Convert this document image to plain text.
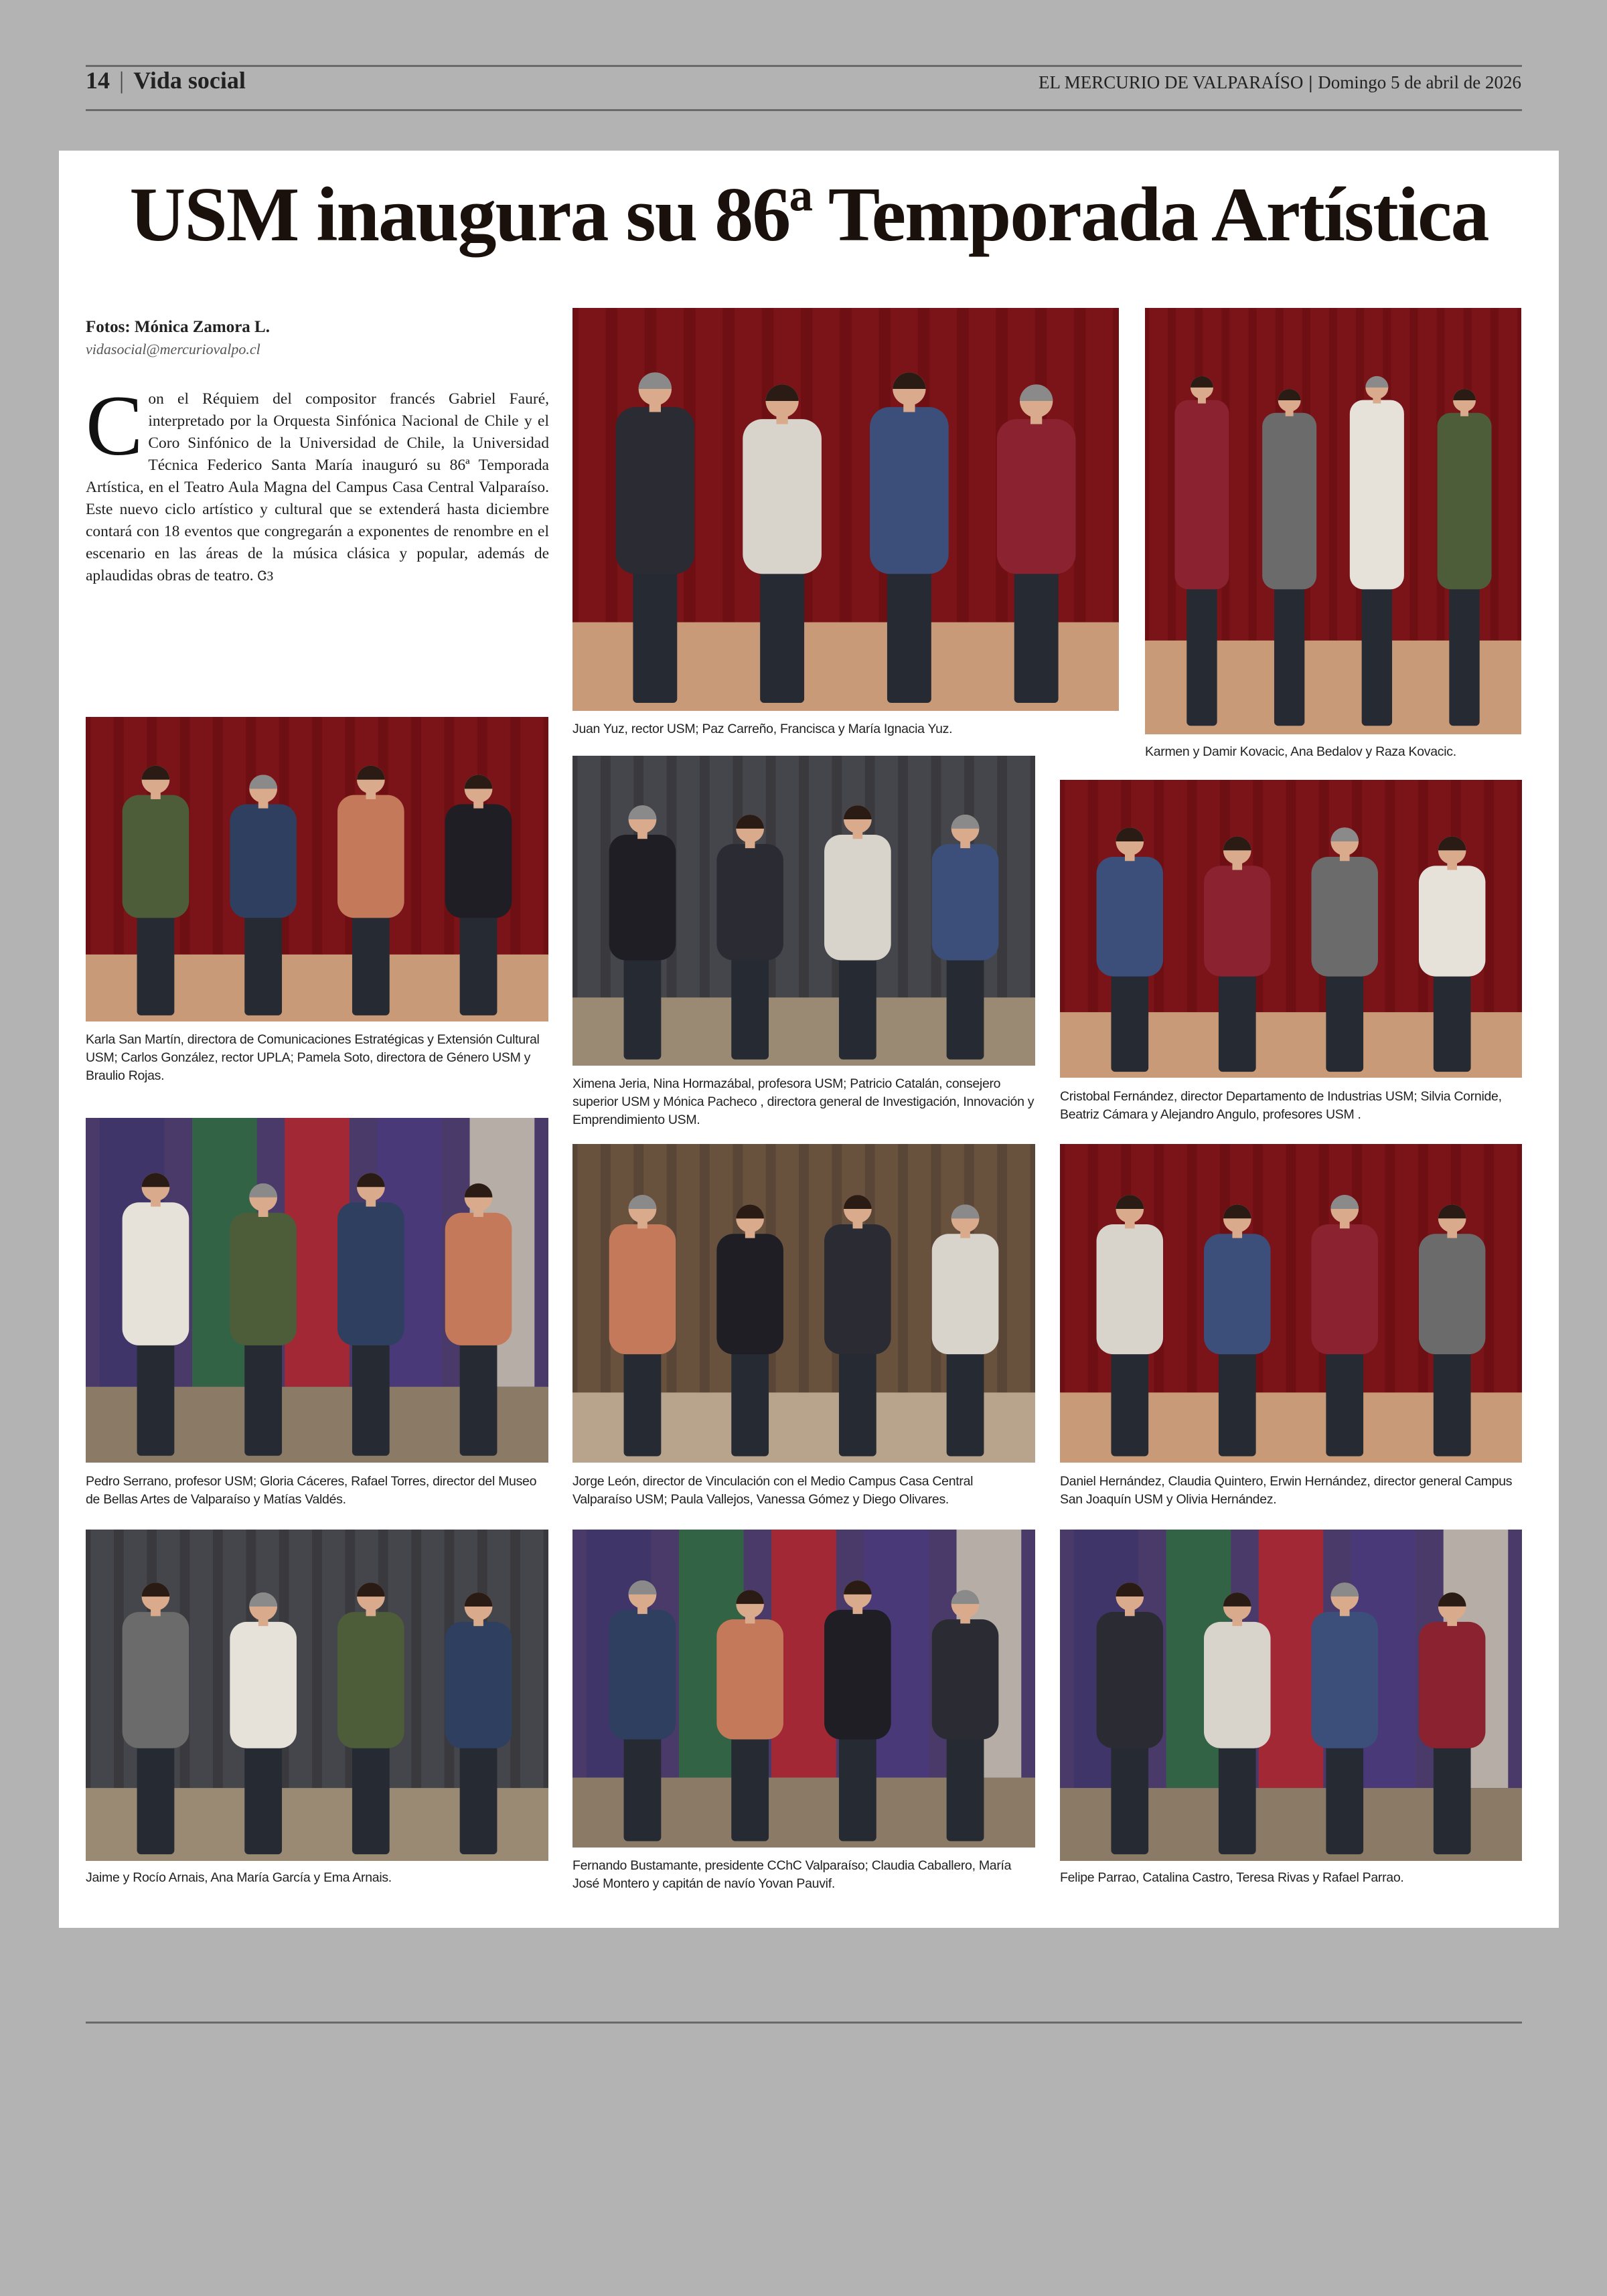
14 | Vida social	EL MERCURIO DE VALPARAÍSO | Domingo 5 de abril de 2026
USM inaugura su 86ª Temporada Artística
Fotos: Mónica Zamora L.
vidasocial@mercuriovalpo.cl
Con el Réquiem del compositor francés Gabriel Fauré, interpretado por la Orquesta Sinfónica Nacional de Chile y el Coro Sinfónico de la Universidad de Chile, la Universidad Técnica Federico Santa María inauguró su 86ª Temporada Artística, en el Teatro Aula Magna del Campus Casa Central Valparaíso. Este nuevo ciclo artístico y cultural que se extenderá hasta diciembre contará con 18 eventos que congregarán a exponentes de renombre en el escenario en las áreas de la música clásica y popular, además de aplaudidas obras de teatro. ᏣЗ
Juan Yuz, rector USM; Paz Carreño, Francisca y María Ignacia Yuz.
Karmen y Damir Kovacic, Ana Bedalov y Raza Kovacic.
Karla San Martín, directora de Comunicaciones Estratégicas y Extensión Cultural USM; Carlos González, rector UPLA; Pamela Soto, directora de Género USM y Braulio Rojas.
Ximena Jeria, Nina Hormazábal, profesora USM; Patricio Catalán, consejero superior USM y Mónica Pacheco , directora general de Investigación, Innovación y Emprendimiento USM.
Cristobal Fernández, director Departamento de Industrias USM; Silvia Cornide, Beatriz Cámara y Alejandro Angulo, profesores USM .
Pedro Serrano, profesor USM; Gloria Cáceres, Rafael Torres, director del Museo de Bellas Artes de Valparaíso y Matías Valdés.
Jorge León, director de Vinculación con el Medio Campus Casa Central Valparaíso USM; Paula Vallejos, Vanessa Gómez y Diego Olivares.
Daniel Hernández, Claudia Quintero, Erwin Hernández, director general Campus San Joaquín USM y Olivia Hernández.
Jaime y Rocío Arnais, Ana María García y Ema Arnais.
Fernando Bustamante, presidente CChC Valparaíso; Claudia Caballero, María José Montero y capitán de navío Yovan Pauvif.	Felipe Parrao, Catalina Castro, Teresa Rivas y Rafael Parrao.
